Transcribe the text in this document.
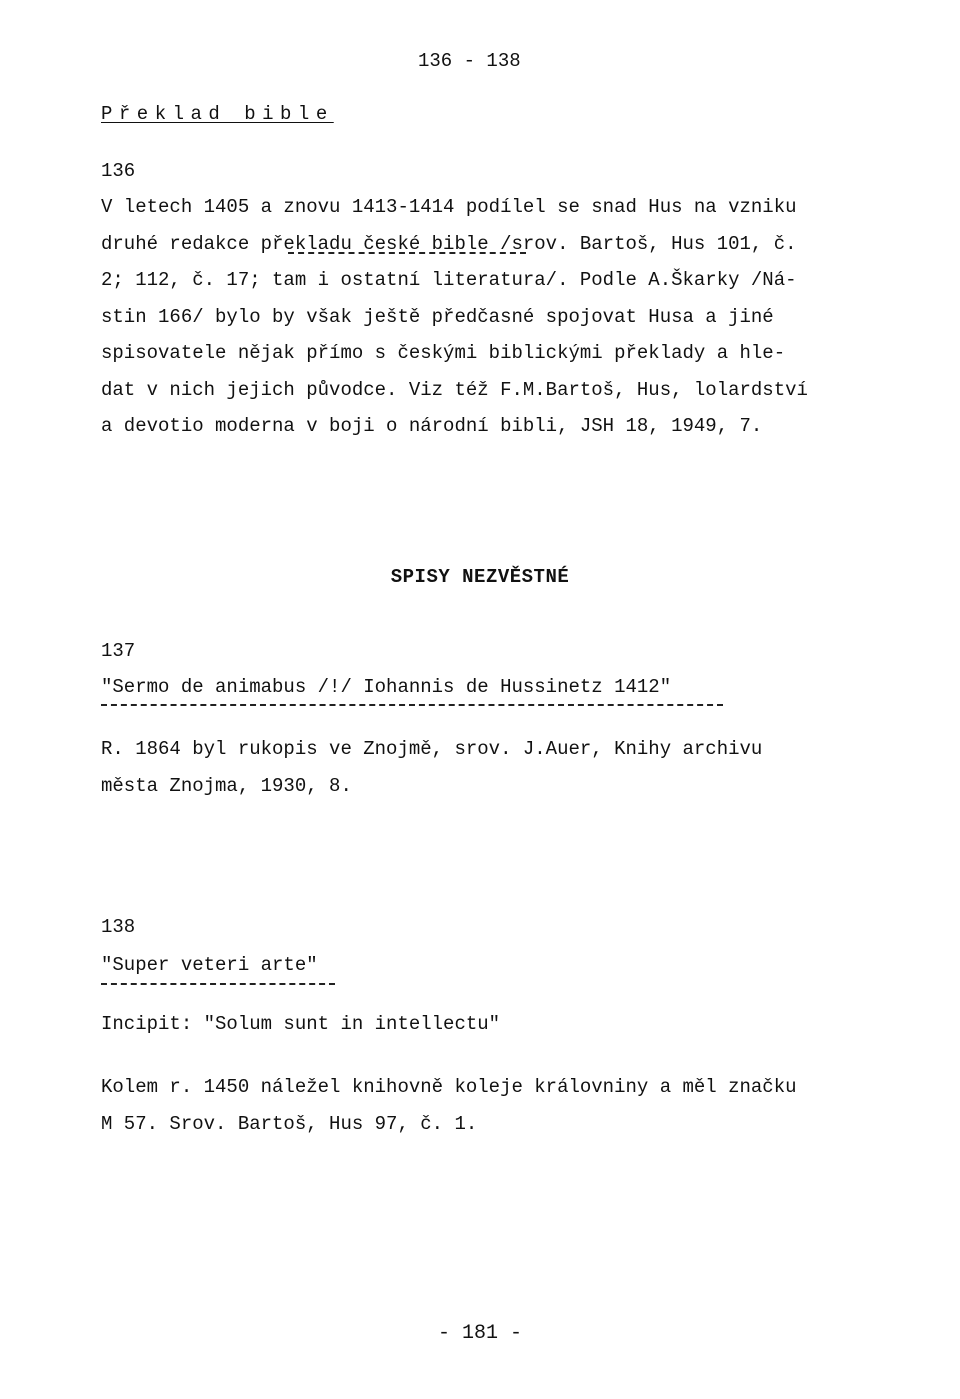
136 - 138
Překlad bible
136
V letech 1405 a znovu 1413-1414 podílel se snad Hus na vzniku
druhé redakce překladu české bible /srov. Bartoš, Hus 101, č.
2; 112, č. 17; tam i ostatní literatura/. Podle A.Škarky /Ná-
stin 166/ bylo by však ještě předčasné spojovat Husa a jiné
spisovatele nějak přímo s českými biblickými překlady a hle-
dat v nich jejich původce. Viz též F.M.Bartoš, Hus, lolardství
a devotio moderna v boji o národní bibli, JSH 18, 1949, 7.
SPISY NEZVĚSTNÉ
137
"Sermo de animabus /!/ Iohannis de Hussinetz 1412"
R. 1864 byl rukopis ve Znojmě, srov. J.Auer, Knihy archivu
města Znojma, 1930, 8.
138
"Super veteri arte"
Incipit: "Solum sunt in intellectu"
Kolem r. 1450 náležel knihovně koleje královniny a měl značku
M 57. Srov. Bartoš, Hus 97, č. 1.
- 181 -
